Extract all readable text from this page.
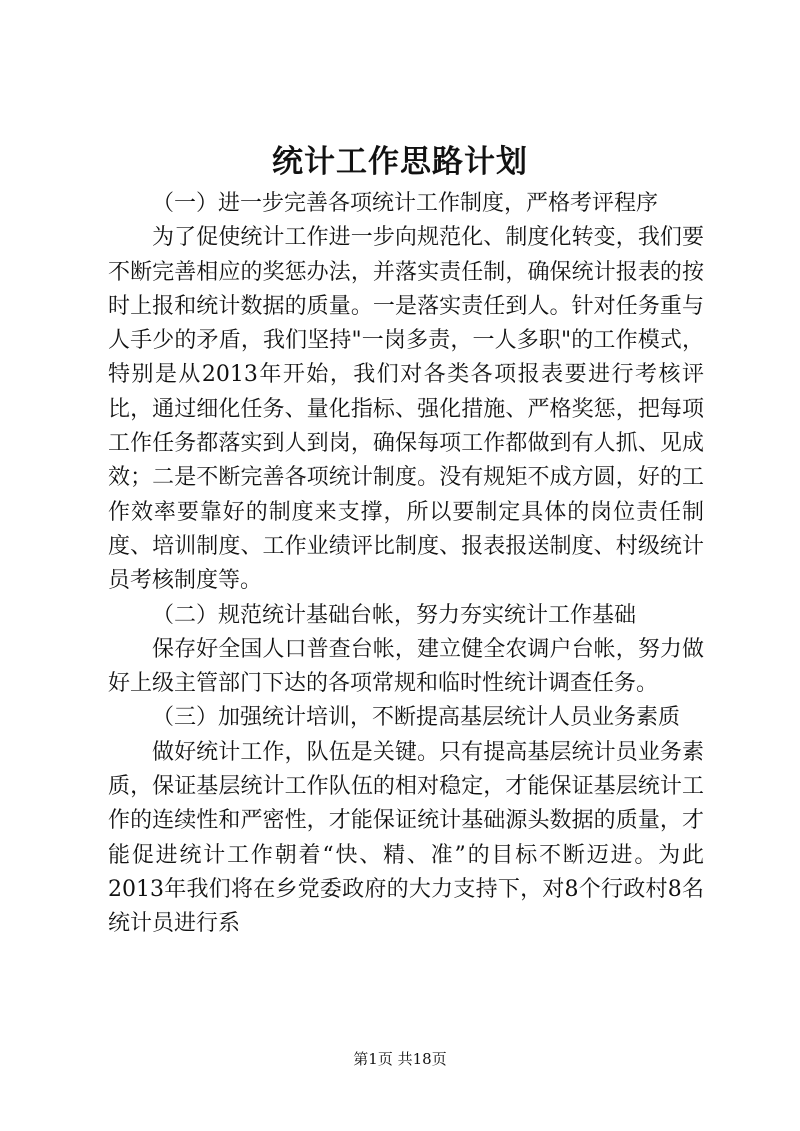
统计工作思路计划

（一）进一步完善各项统计工作制度，严格考评程序

为了促使统计工作进一步向规范化、制度化转变，我们要不断完善相应的奖惩办法，并落实责任制，确保统计报表的按时上报和统计数据的质量。一是落实责任到人。针对任务重与人手少的矛盾，我们坚持"一岗多责，一人多职"的工作模式，特别是从2013年开始，我们对各类各项报表要进行考核评比，通过细化任务、量化指标、强化措施、严格奖惩，把每项工作任务都落实到人到岗，确保每项工作都做到有人抓、见成效；二是不断完善各项统计制度。没有规矩不成方圆，好的工作效率要靠好的制度来支撑，所以要制定具体的岗位责任制度、培训制度、工作业绩评比制度、报表报送制度、村级统计员考核制度等。

（二）规范统计基础台帐，努力夯实统计工作基础

保存好全国人口普查台帐，建立健全农调户台帐，努力做好上级主管部门下达的各项常规和临时性统计调查任务。

（三）加强统计培训，不断提高基层统计人员业务素质

做好统计工作，队伍是关键。只有提高基层统计员业务素质，保证基层统计工作队伍的相对稳定，才能保证基层统计工作的连续性和严密性，才能保证统计基础源头数据的质量，才能促进统计工作朝着“快、精、准”的目标不断迈进。为此2013年我们将在乡党委政府的大力支持下，对8个行政村8名统计员进行系

第1页 共18页
